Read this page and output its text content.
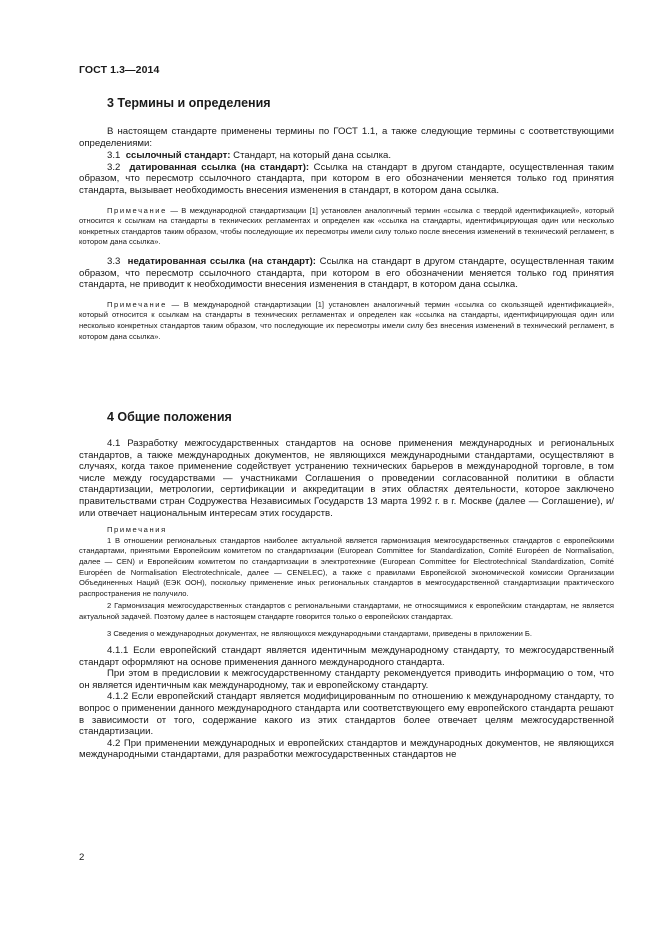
ГОСТ 1.3—2014
3 Термины и определения

В настоящем стандарте применены термины по ГОСТ 1.1, а также следующие термины с соответствующими определениями:

3.1 ссылочный стандарт: Стандарт, на который дана ссылка.

3.2 датированная ссылка (на стандарт): Ссылка на стандарт в другом стандарте, осуществленная таким образом, что пересмотр ссылочного стандарта, при котором в его обозначении меняется только год принятия стандарта, вызывает необходимость внесения изменения в стандарт, в котором дана ссылка.

Примечание — В международной стандартизации [1] установлен аналогичный термин «ссылка с твердой идентификацией», который относится к ссылкам на стандарты в технических регламентах и определен как «ссылка на стандарты, идентифицирующая один или несколько конкретных стандартов таким образом, чтобы последующие их пересмотры имели силу только после внесения изменений в технический регламент, в котором дана ссылка».

3.3 недатированная ссылка (на стандарт): Ссылка на стандарт в другом стандарте, осуществленная таким образом, что пересмотр ссылочного стандарта, при котором в его обозначении меняется только год принятия стандарта, не приводит к необходимости внесения изменения в стандарт, в котором дана ссылка.

Примечание — В международной стандартизации [1] установлен аналогичный термин «ссылка со скользящей идентификацией», который относится к ссылкам на стандарты в технических регламентах и определен как «ссылка на стандарты, идентифицирующая один или несколько конкретных стандартов таким образом, что последующие их пересмотры имели силу без внесения изменений в технический регламент, в котором дана ссылка».

4 Общие положения

4.1 Разработку межгосударственных стандартов на основе применения международных и региональных стандартов, а также международных документов, не являющихся международными стандартами, осуществляют в случаях, когда такое применение содействует устранению технических барьеров в международной торговле, в том числе между государствами — участниками Соглашения о проведении согласованной политики в области стандартизации, метрологии, сертификации и аккредитации в этих областях деятельности, которое заключено правительствами стран Содружества Независимых Государств 13 марта 1992 г. в г. Москве (далее — Соглашение), и/или отвечает национальным интересам этих государств.

Примечания

1 В отношении региональных стандартов наиболее актуальной является гармонизация межгосударственных стандартов с европейскими стандартами, принятыми Европейским комитетом по стандартизации (European Committee for Standardization, Comité Européen de Normalisation, далее — CEN) и Европейским комитетом по стандартизации в электротехнике (European Committee for Electrotechnical Standardization, Comité Européen de Normalisation Electrotechnicale, далее — CENELEC), а также с правилами Европейской экономической комиссии Организации Объединенных Наций (ЕЭК ООН), поскольку применение иных региональных стандартов в межгосударственной стандартизации практического распространения не получило.

2 Гармонизация межгосударственных стандартов с региональными стандартами, не относящимися к европейским стандартам, не является актуальной задачей. Поэтому далее в настоящем стандарте говорится только о европейских стандартах.

3 Сведения о международных документах, не являющихся международными стандартами, приведены в приложении Б.

4.1.1 Если европейский стандарт является идентичным международному стандарту, то межгосударственный стандарт оформляют на основе применения данного международного стандарта.

При этом в предисловии к межгосударственному стандарту рекомендуется приводить информацию о том, что он является идентичным как международному, так и европейскому стандарту.

4.1.2 Если европейский стандарт является модифицированным по отношению к международному стандарту, то вопрос о применении данного международного стандарта или соответствующего ему европейского стандарта решают в зависимости от того, содержание какого из этих стандартов более отвечает целям межгосударственной стандартизации.

4.2 При применении международных и европейских стандартов и международных документов, не являющихся международными стандартами, для разработки межгосударственных стандартов не

2
